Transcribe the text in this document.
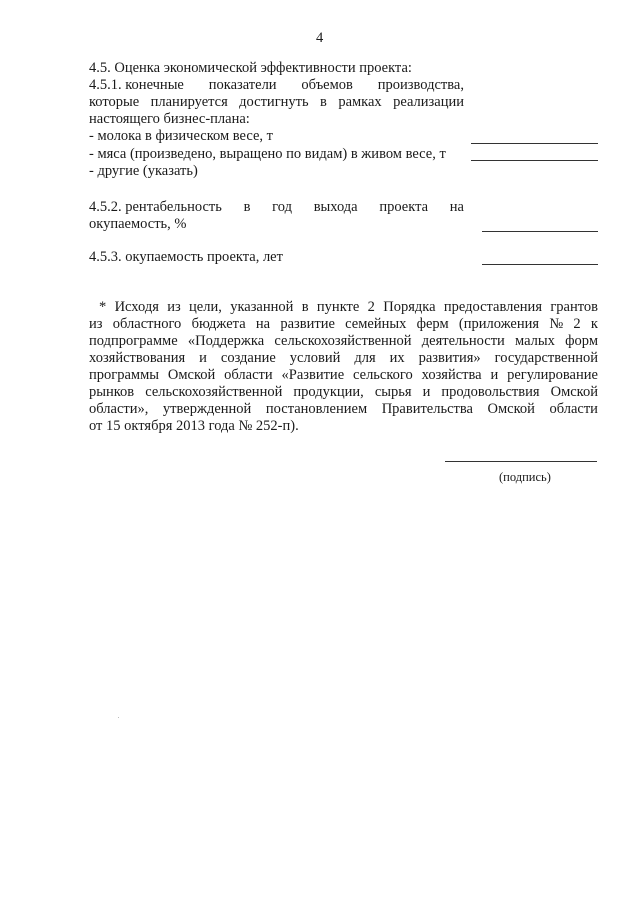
4
4.5. Оценка экономической эффективности проекта:
4.5.1. конечные показатели объемов производства,
которые планируется достигнуть в рамках реализации
настоящего бизнес-плана:
- молока в физическом весе, т
- мяса (произведено, выращено по видам) в живом весе, т
- другие (указать)
4.5.2. рентабельность в год выхода проекта на
окупаемость, %
4.5.3. окупаемость проекта, лет
* Исходя из цели, указанной в пункте 2 Порядка предоставления грантов
из областного бюджета на развитие семейных ферм (приложения № 2 к
подпрограмме «Поддержка сельскохозяйственной деятельности малых форм
хозяйствования и создание условий для их развития» государственной
программы Омской области «Развитие сельского хозяйства и регулирование
рынков сельскохозяйственной продукции, сырья и продовольствия Омской
области», утвержденной постановлением Правительства Омской области
от 15 октября 2013 года № 252-п).
(подпись)
